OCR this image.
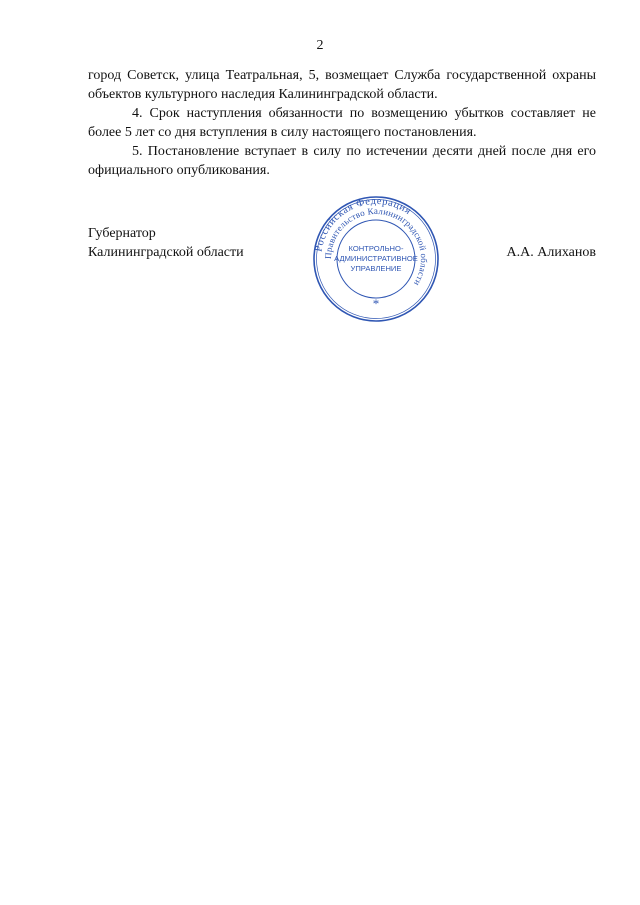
2

город Советск, улица Театральная, 5, возмещает Служба государственной охраны объектов культурного наследия Калининградской области.

4. Срок наступления обязанности по возмещению убытков составляет не более 5 лет со дня вступления в силу настоящего постановления.

5. Постановление вступает в силу по истечении десяти дней после дня его официального опубликования.

Губернатор
Калининградской области	Российская Федерация
Правительство Калининградской области
КОНТРОЛЬНО-
АДМИНИСТРАТИВНОЕ
УПРАВЛЕНИЕ
*
А.А. Алиханов
